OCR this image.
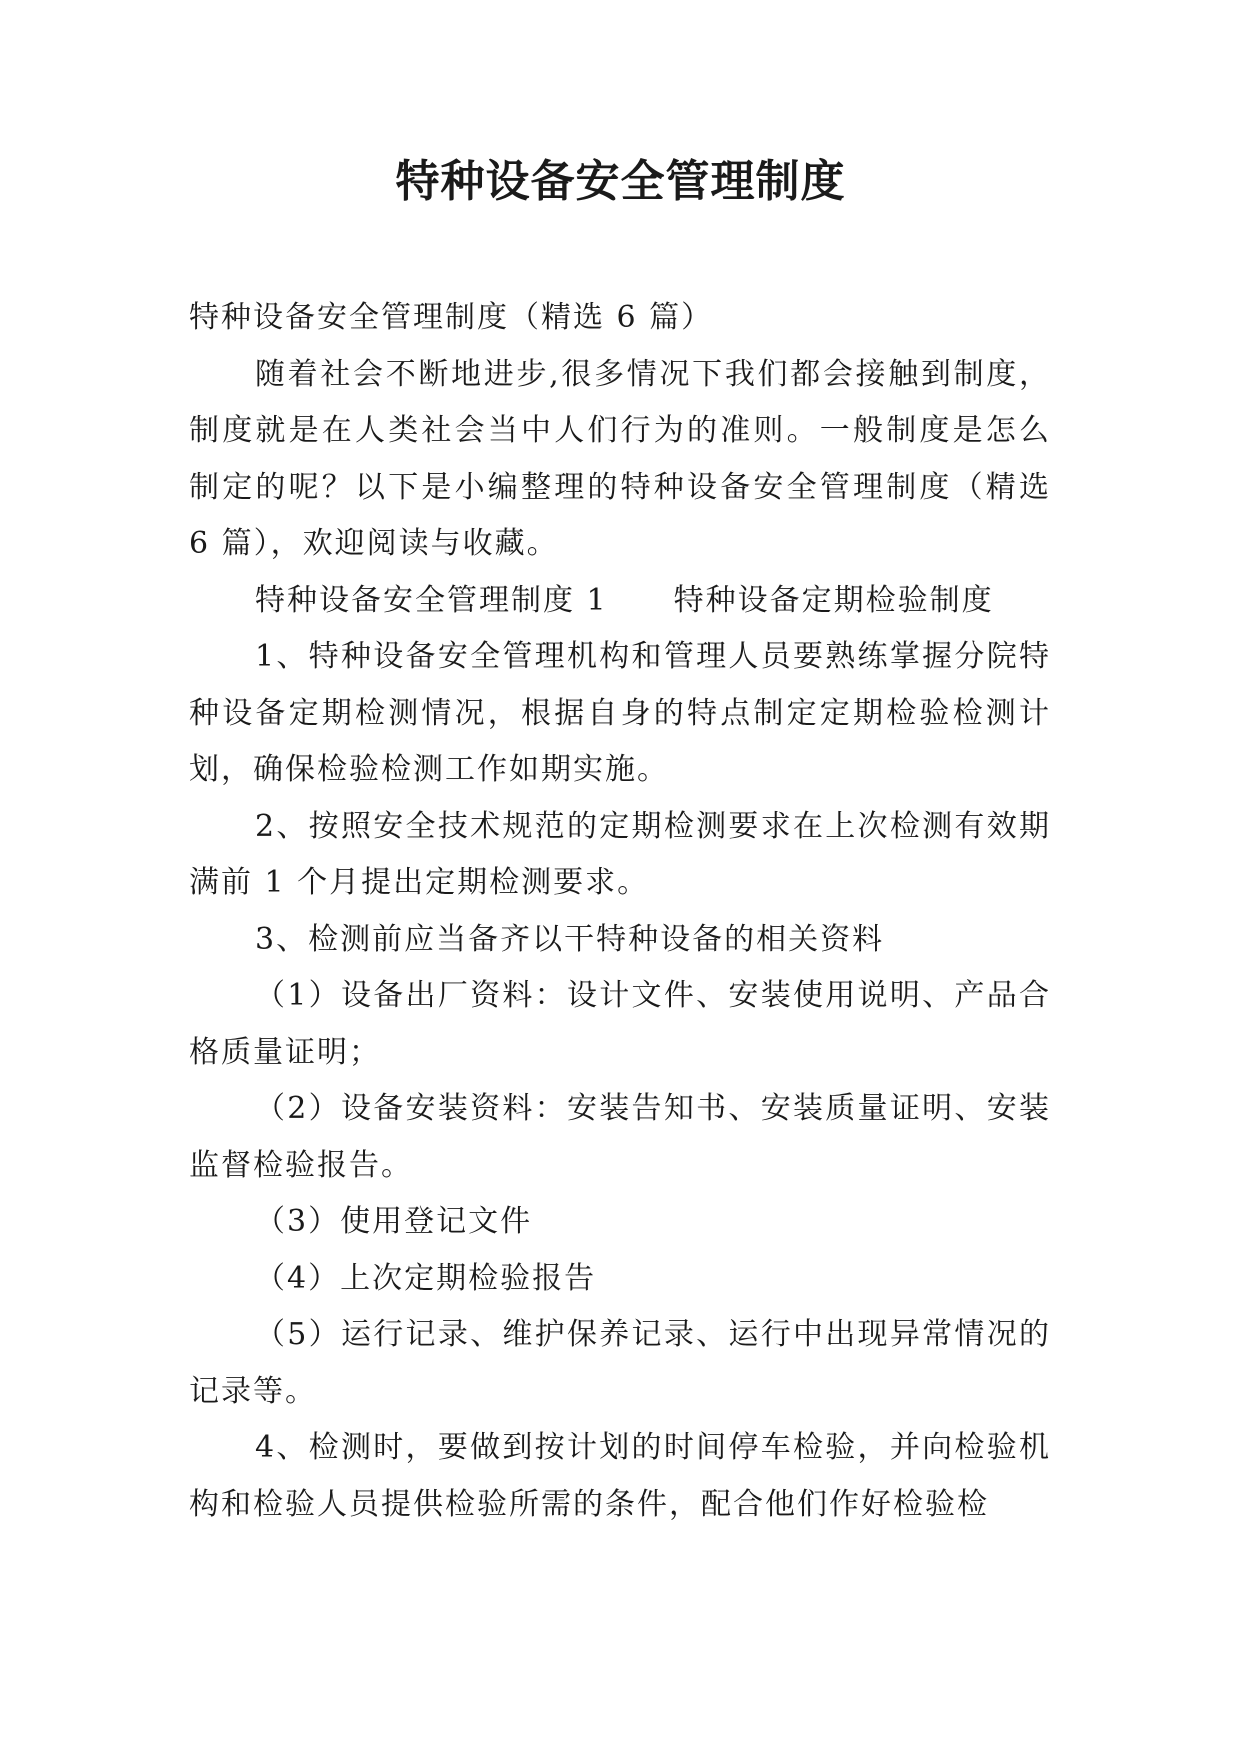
特种设备安全管理制度

特种设备安全管理制度（精选 6 篇）

随着社会不断地进步,很多情况下我们都会接触到制度，制度就是在人类社会当中人们行为的准则。一般制度是怎么制定的呢？以下是小编整理的特种设备安全管理制度（精选 6 篇），欢迎阅读与收藏。

特种设备安全管理制度 1 特种设备定期检验制度

1、特种设备安全管理机构和管理人员要熟练掌握分院特种设备定期检测情况，根据自身的特点制定定期检验检测计划，确保检验检测工作如期实施。

2、按照安全技术规范的定期检测要求在上次检测有效期满前 1 个月提出定期检测要求。

3、检测前应当备齐以干特种设备的相关资料

（1）设备出厂资料：设计文件、安装使用说明、产品合格质量证明；

（2）设备安装资料：安装告知书、安装质量证明、安装监督检验报告。

（3）使用登记文件

（4）上次定期检验报告

（5）运行记录、维护保养记录、运行中出现异常情况的记录等。

4、检测时，要做到按计划的时间停车检验，并向检验机构和检验人员提供检验所需的条件，配合他们作好检验检
